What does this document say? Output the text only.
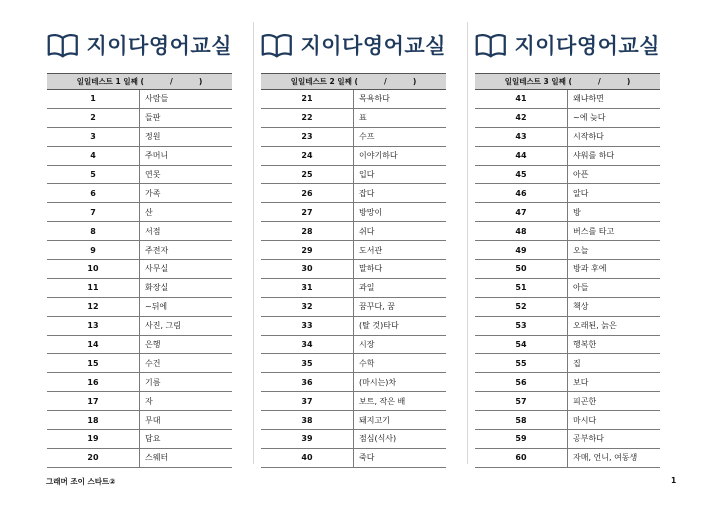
지이다영어교실
일일테스트 1 일째 (          /          )	
1	사람들
2	들판
3	정원
4	주머니
5	연못
6	가족
7	산
8	서점
9	주전자
10	사무실
11	화장실
12	~뒤에
13	사진, 그림
14	은행
15	수건
16	기름
17	자
18	무대
19	담요
20	스웨터
지이다영어교실
일일테스트 2 일째 (          /          )	
21	목욕하다
22	표
23	수프
24	이야기하다
25	입다
26	잡다
27	방망이
28	쉬다
29	도서관
30	말하다
31	과일
32	꿈꾸다, 꿈
33	(탈 것)타다
34	시장
35	수학
36	(마시는)차
37	보트, 작은 배
38	돼지고기
39	점심(식사)
40	죽다
지이다영어교실
일일테스트 3 일째 (          /          )	
41	왜냐하면
42	~에 늦다
43	시작하다
44	샤워를 하다
45	아픈
46	알다
47	방
48	버스를 타고
49	오늘
50	방과 후에
51	아들
52	책상
53	오래된, 늙은
54	행복한
55	집
56	보다
57	피곤한
58	마시다
59	공부하다
60	자매, 언니, 여동생
그래머 조이 스타트②	1
